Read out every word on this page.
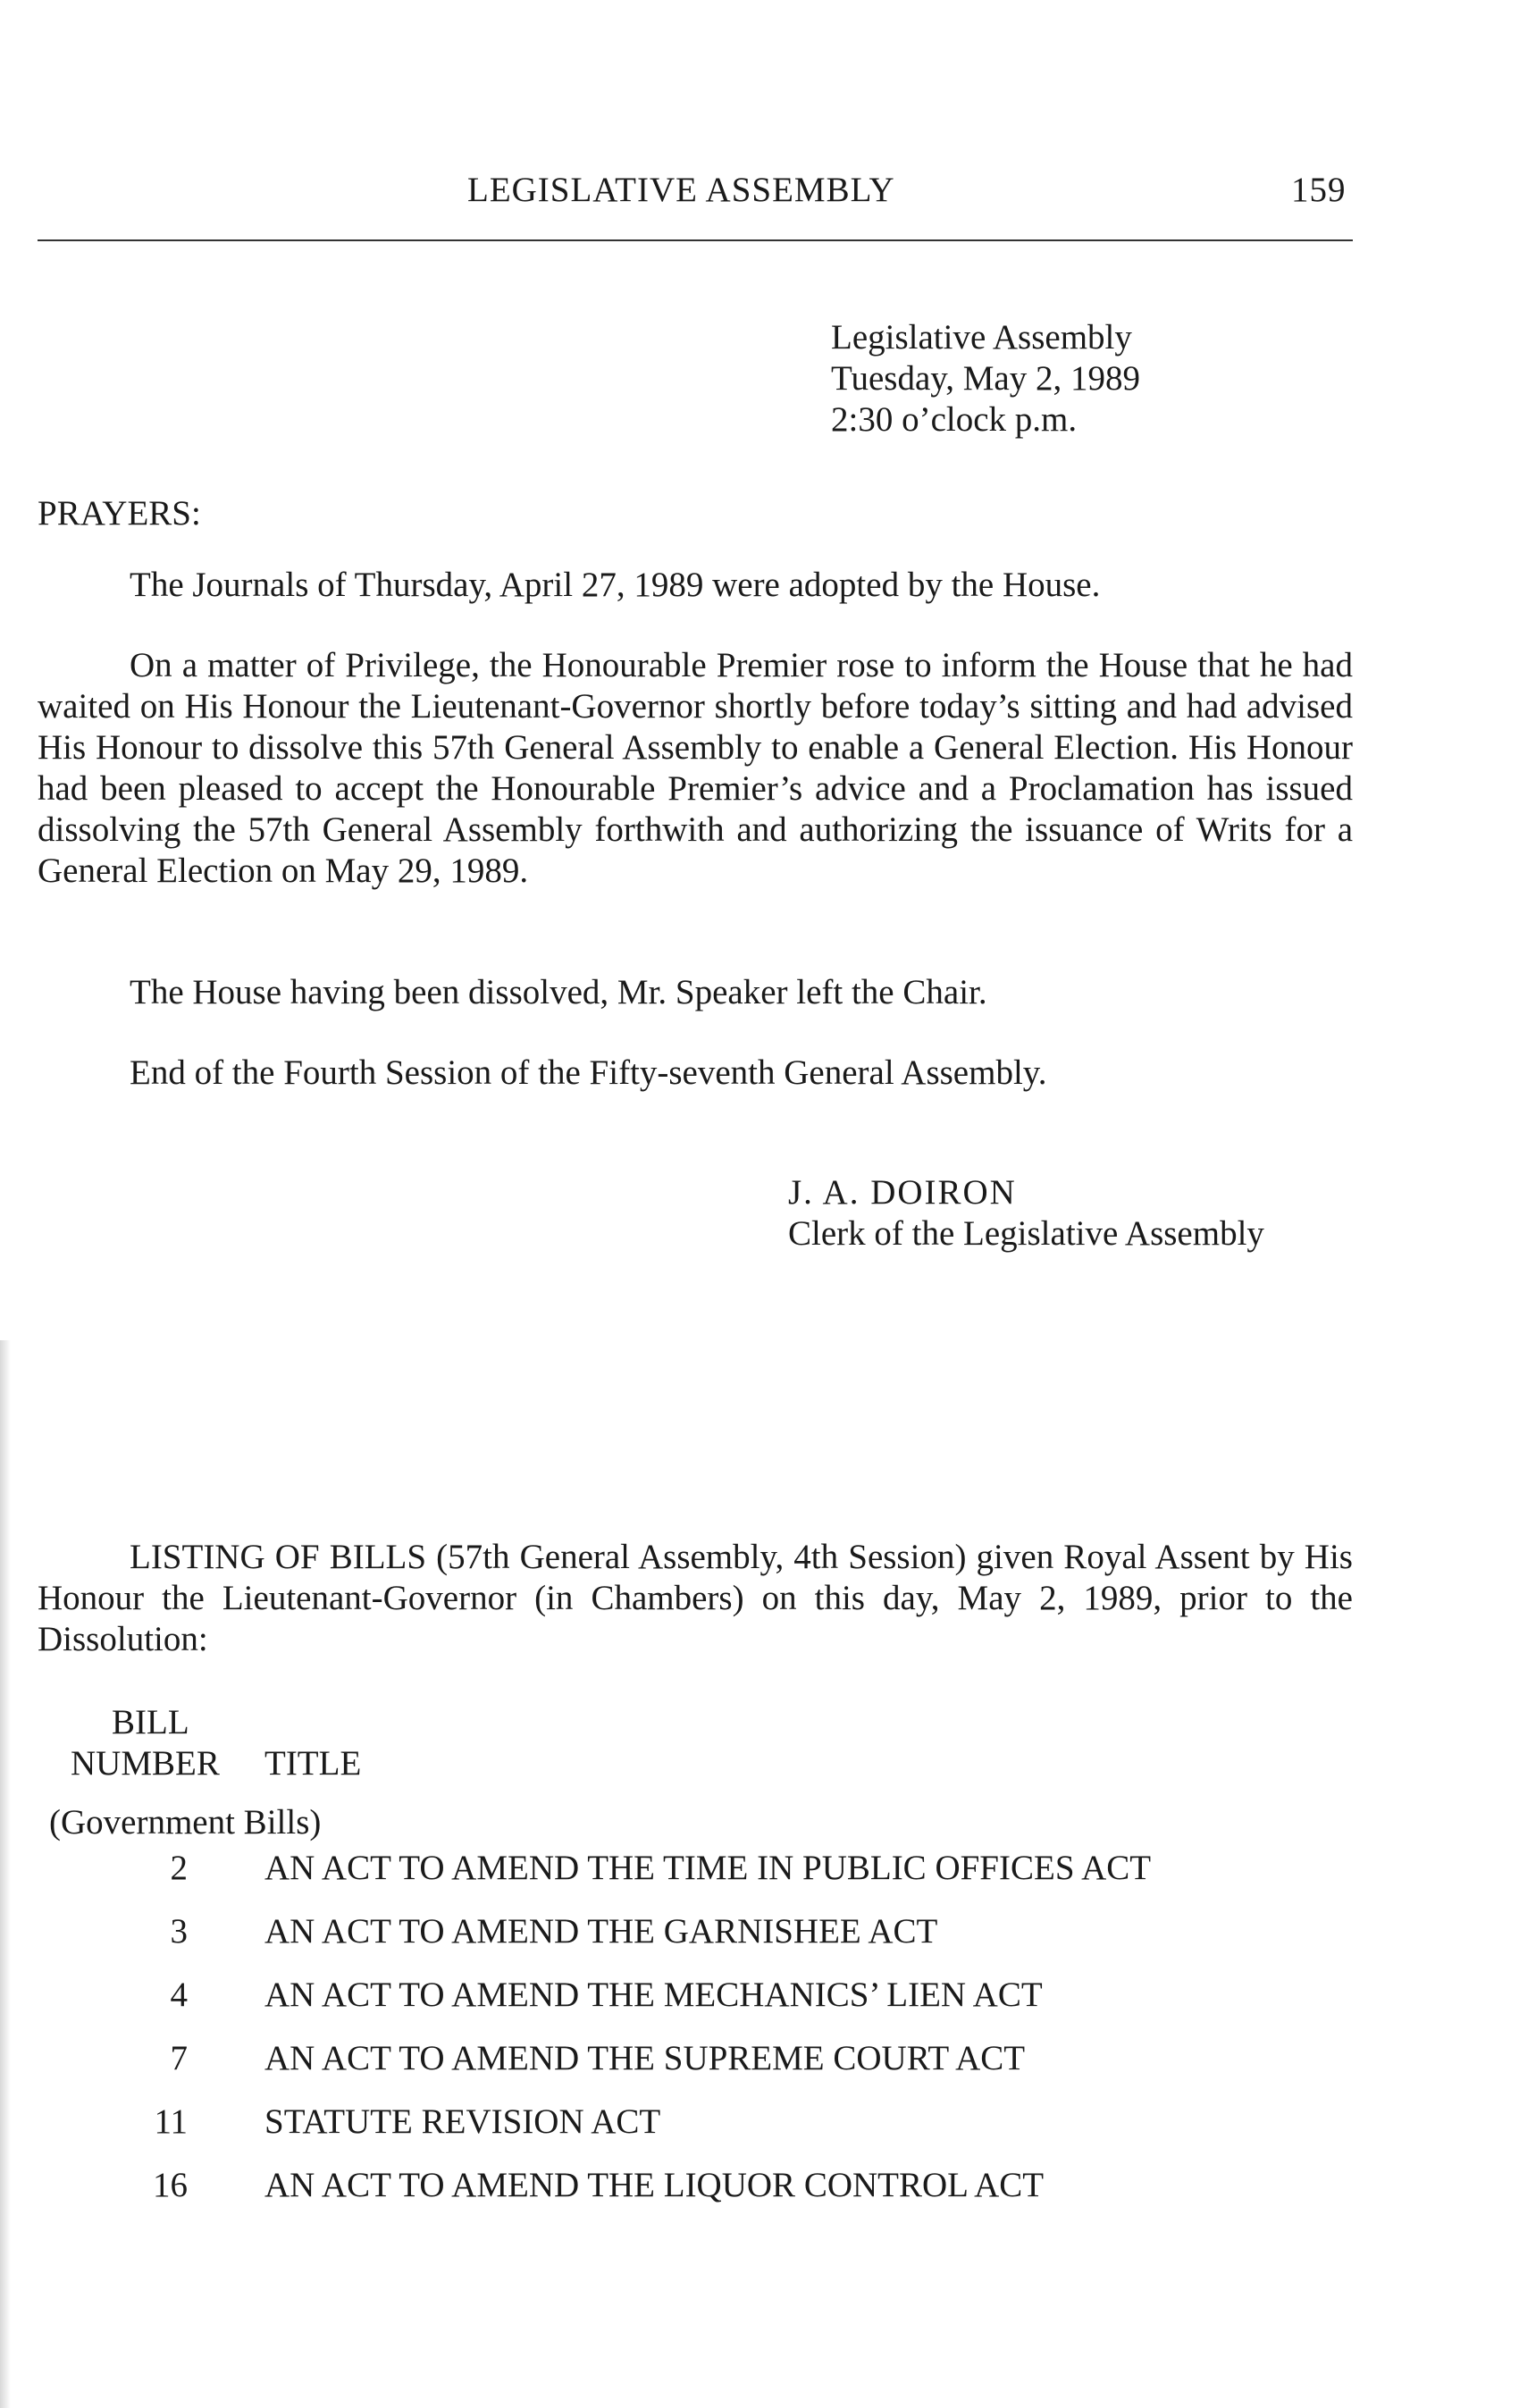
LEGISLATIVE ASSEMBLY	159
Legislative Assembly
Tuesday, May 2, 1989
2:30 o’clock p.m.
PRAYERS:
The Journals of Thursday, April 27, 1989 were adopted by the House.
On a matter of Privilege, the Honourable Premier rose to inform the House that he had waited on His Honour the Lieutenant-Governor shortly before today’s sitting and had advised His Honour to dissolve this 57th General Assembly to enable a General Election. His Honour had been pleased to accept the Honourable Premier’s advice and a Proclamation has issued dissolving the 57th General Assembly forthwith and authorizing the issuance of Writs for a General Election on May 29, 1989.
The House having been dissolved, Mr. Speaker left the Chair.
End of the Fourth Session of the Fifty-seventh General Assembly.
J. A. DOIRON
Clerk of the Legislative Assembly
LISTING OF BILLS (57th General Assembly, 4th Session) given Royal Assent by His Honour the Lieutenant-Governor (in Chambers) on this day, May 2, 1989, prior to the Dissolution:
BILL
NUMBER TITLE
(Government Bills)
2 AN ACT TO AMEND THE TIME IN PUBLIC OFFICES ACT
3 AN ACT TO AMEND THE GARNISHEE ACT
4 AN ACT TO AMEND THE MECHANICS’ LIEN ACT
7 AN ACT TO AMEND THE SUPREME COURT ACT
11 STATUTE REVISION ACT
16 AN ACT TO AMEND THE LIQUOR CONTROL ACT
